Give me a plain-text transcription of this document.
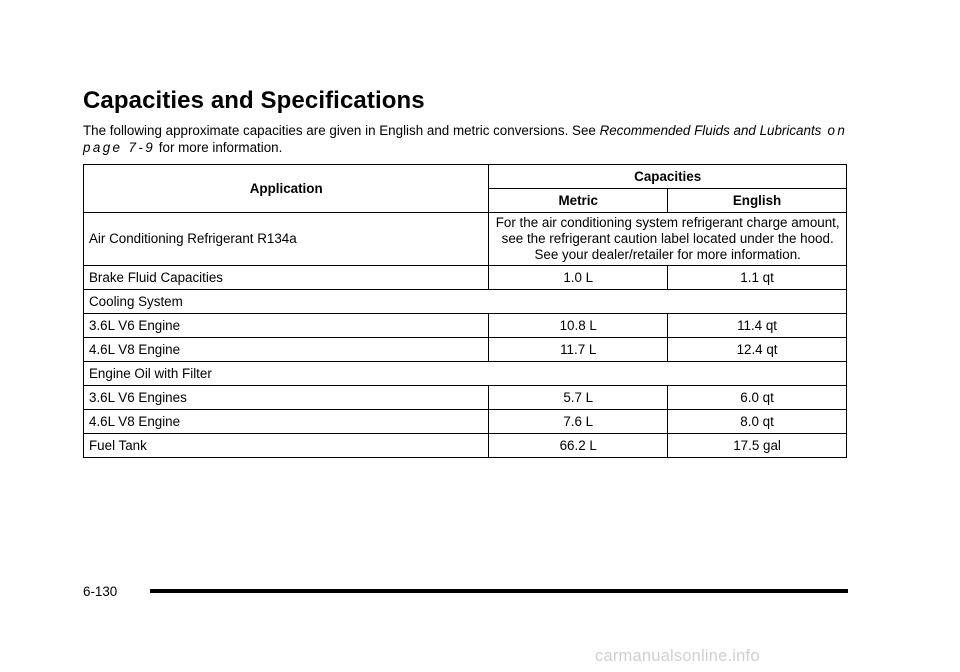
Capacities and Specifications
The following approximate capacities are given in English and metric conversions. See Recommended Fluids and Lubricants on page 7-9 for more information.
Application	Capacities	
	Metric	English
Air Conditioning Refrigerant R134a	For the air conditioning system refrigerant charge amount, see the refrigerant caution label located under the hood. See your dealer/retailer for more information.	
Brake Fluid Capacities	1.0 L	1.1 qt
Cooling System		
3.6L V6 Engine	10.8 L	11.4 qt
4.6L V8 Engine	11.7 L	12.4 qt
Engine Oil with Filter		
3.6L V6 Engines	5.7 L	6.0 qt
4.6L V8 Engine	7.6 L	8.0 qt
Fuel Tank	66.2 L	17.5 gal
6-130
carmanualsonline.info
